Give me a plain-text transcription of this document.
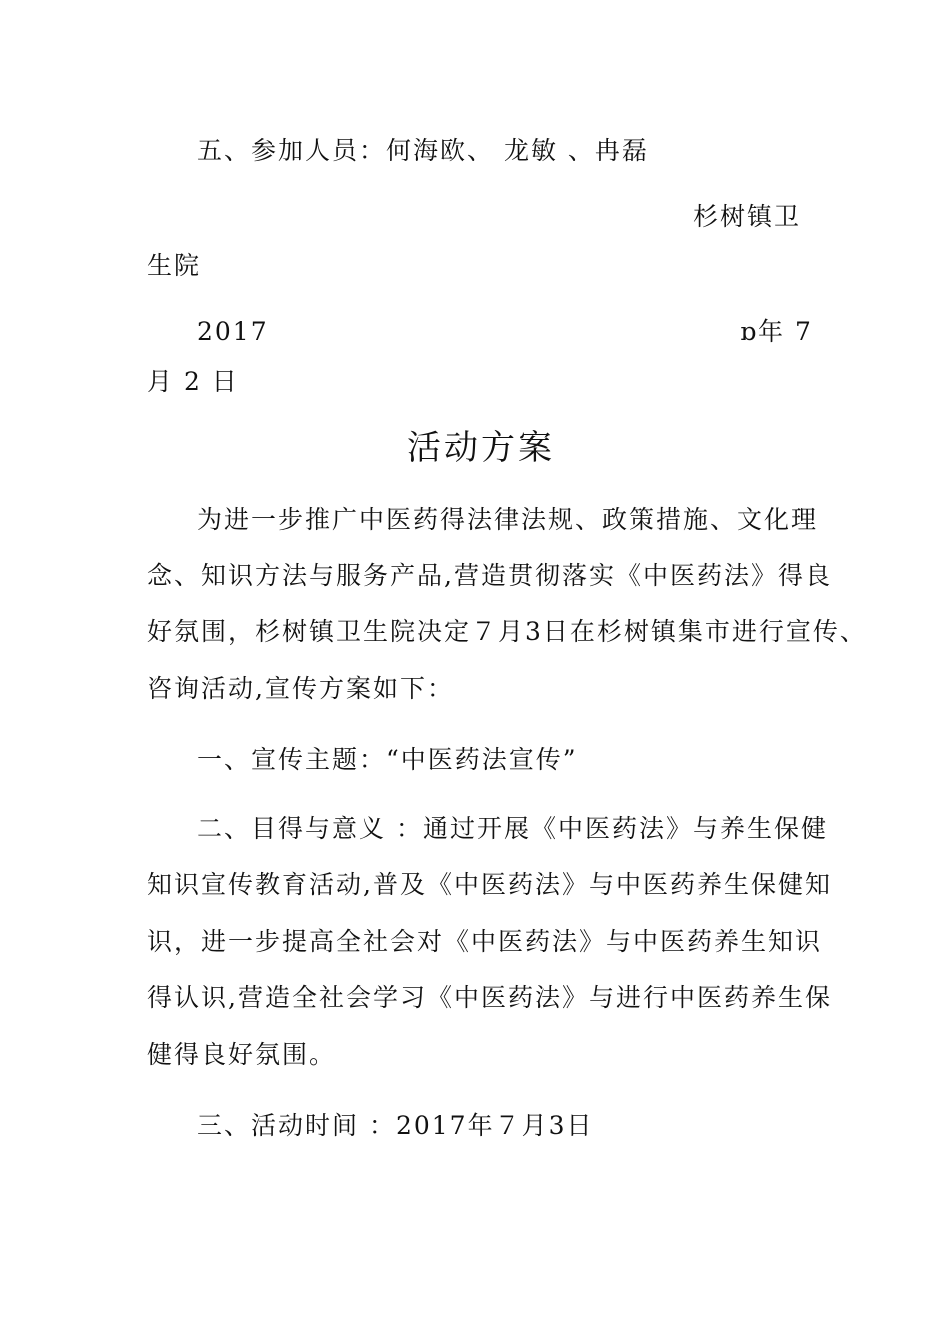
五、参加人员：何海欧、 龙敏 、冉磊
杉树镇卫
生院
2017	ɒ年 7
月 2 日
活动方案
为进一步推广中医药得法律法规、政策措施、文化理
念、知识方法与服务产品,营造贯彻落实《中医药法》得良
好氛围，杉树镇卫生院决定７月3日在杉树镇集市进行宣传、
咨询活动,宣传方案如下：
一、宣传主题：“中医药法宣传”
二、目得与意义 ：通过开展《中医药法》与养生保健
知识宣传教育活动,普及《中医药法》与中医药养生保健知
识，进一步提高全社会对《中医药法》与中医药养生知识
得认识,营造全社会学习《中医药法》与进行中医药养生保
健得良好氛围。
三、活动时间 ：2017年７月3日
